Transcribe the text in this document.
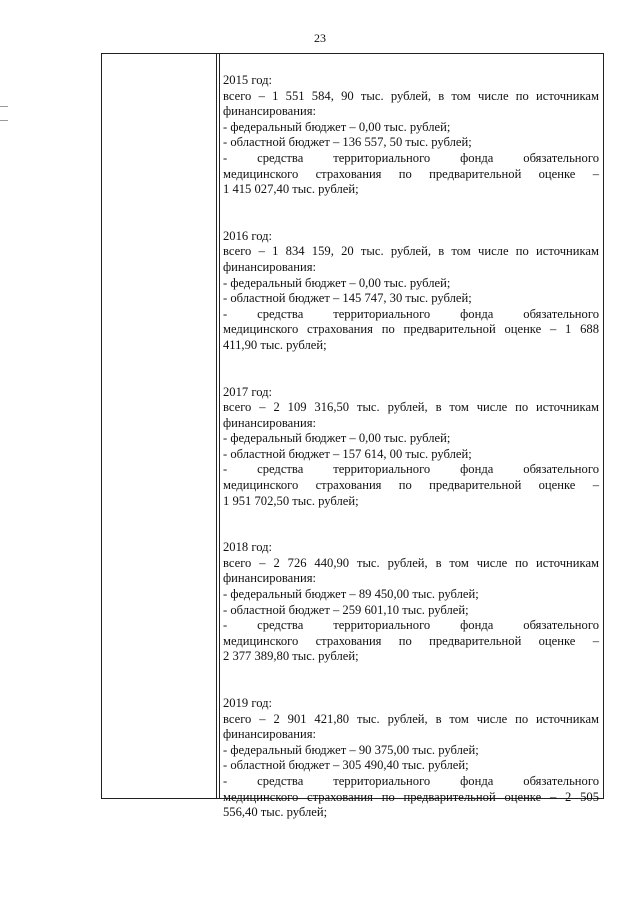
23
2015 год:
всего – 1 551 584, 90 тыс. рублей, в том числе по источникам
финансирования:
- федеральный бюджет – 0,00 тыс. рублей;
- областной бюджет – 136 557, 50 тыс. рублей;
- средства территориального фонда обязательного
медицинского страхования по предварительной оценке –
1 415 027,40 тыс. рублей;
2016 год:
всего – 1 834 159, 20 тыс. рублей, в том числе по источникам
финансирования:
- федеральный бюджет – 0,00 тыс. рублей;
- областной бюджет – 145 747, 30 тыс. рублей;
- средства территориального фонда обязательного
медицинского страхования по предварительной оценке – 1 688
411,90 тыс. рублей;
2017 год:
всего – 2 109 316,50 тыс. рублей, в том числе по источникам
финансирования:
- федеральный бюджет – 0,00 тыс. рублей;
- областной бюджет – 157 614, 00 тыс. рублей;
- средства территориального фонда обязательного
медицинского страхования по предварительной оценке –
1 951 702,50 тыс. рублей;
2018 год:
всего – 2 726 440,90 тыс. рублей, в том числе по источникам
финансирования:
- федеральный бюджет – 89 450,00 тыс. рублей;
- областной бюджет – 259 601,10 тыс. рублей;
- средства территориального фонда обязательного
медицинского страхования по предварительной оценке –
2 377 389,80 тыс. рублей;
2019 год:
всего – 2 901 421,80 тыс. рублей, в том числе по источникам
финансирования:
- федеральный бюджет – 90 375,00 тыс. рублей;
- областной бюджет – 305 490,40 тыс. рублей;
- средства территориального фонда обязательного
медицинского страхования по предварительной оценке – 2 505
556,40 тыс. рублей;
